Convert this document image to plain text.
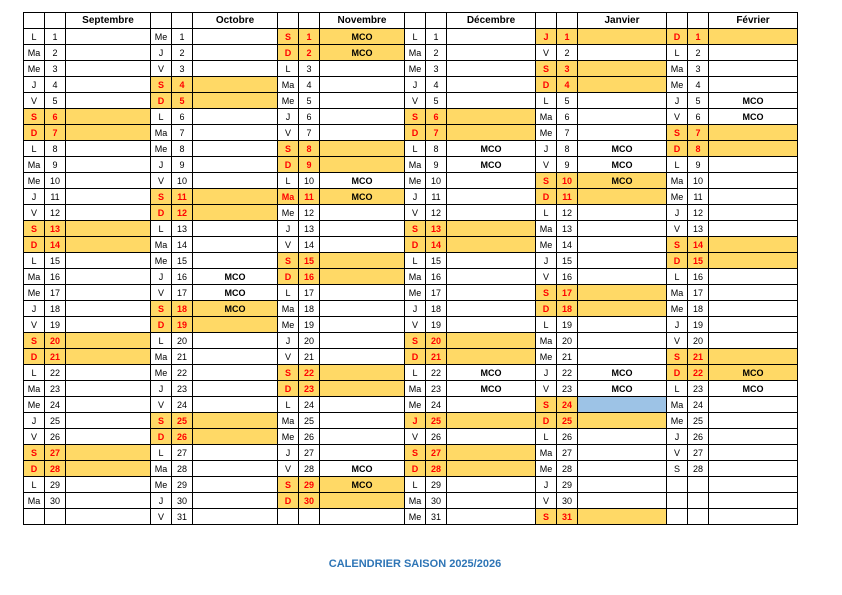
		Septembre			Octobre			Novembre			Décembre			Janvier			Février
L	1		Me	1		S	1	MCO	L	1		J	1		D	1	
Ma	2		J	2		D	2	MCO	Ma	2		V	2		L	2	
Me	3		V	3		L	3		Me	3		S	3		Ma	3	
J	4		S	4		Ma	4		J	4		D	4		Me	4	
V	5		D	5		Me	5		V	5		L	5		J	5	MCO
S	6		L	6		J	6		S	6		Ma	6		V	6	MCO
D	7		Ma	7		V	7		D	7		Me	7		S	7	
L	8		Me	8		S	8		L	8	MCO	J	8	MCO	D	8	
Ma	9		J	9		D	9		Ma	9	MCO	V	9	MCO	L	9	
Me	10		V	10		L	10	MCO	Me	10		S	10	MCO	Ma	10	
J	11		S	11		Ma	11	MCO	J	11		D	11		Me	11	
V	12		D	12		Me	12		V	12		L	12		J	12	
S	13		L	13		J	13		S	13		Ma	13		V	13	
D	14		Ma	14		V	14		D	14		Me	14		S	14	
L	15		Me	15		S	15		L	15		J	15		D	15	
Ma	16		J	16	MCO	D	16		Ma	16		V	16		L	16	
Me	17		V	17	MCO	L	17		Me	17		S	17		Ma	17	
J	18		S	18	MCO	Ma	18		J	18		D	18		Me	18	
V	19		D	19		Me	19		V	19		L	19		J	19	
S	20		L	20		J	20		S	20		Ma	20		V	20	
D	21		Ma	21		V	21		D	21		Me	21		S	21	
L	22		Me	22		S	22		L	22	MCO	J	22	MCO	D	22	MCO
Ma	23		J	23		D	23		Ma	23	MCO	V	23	MCO	L	23	MCO
Me	24		V	24		L	24		Me	24		S	24		Ma	24	
J	25		S	25		Ma	25		J	25		D	25		Me	25	
V	26		D	26		Me	26		V	26		L	26		J	26	
S	27		L	27		J	27		S	27		Ma	27		V	27	
D	28		Ma	28		V	28	MCO	D	28		Me	28		S	28	
L	29		Me	29		S	29	MCO	L	29		J	29				
Ma	30		J	30		D	30		Ma	30		V	30				
			V	31					Me	31		S	31				
CALENDRIER SAISON 2025/2026
